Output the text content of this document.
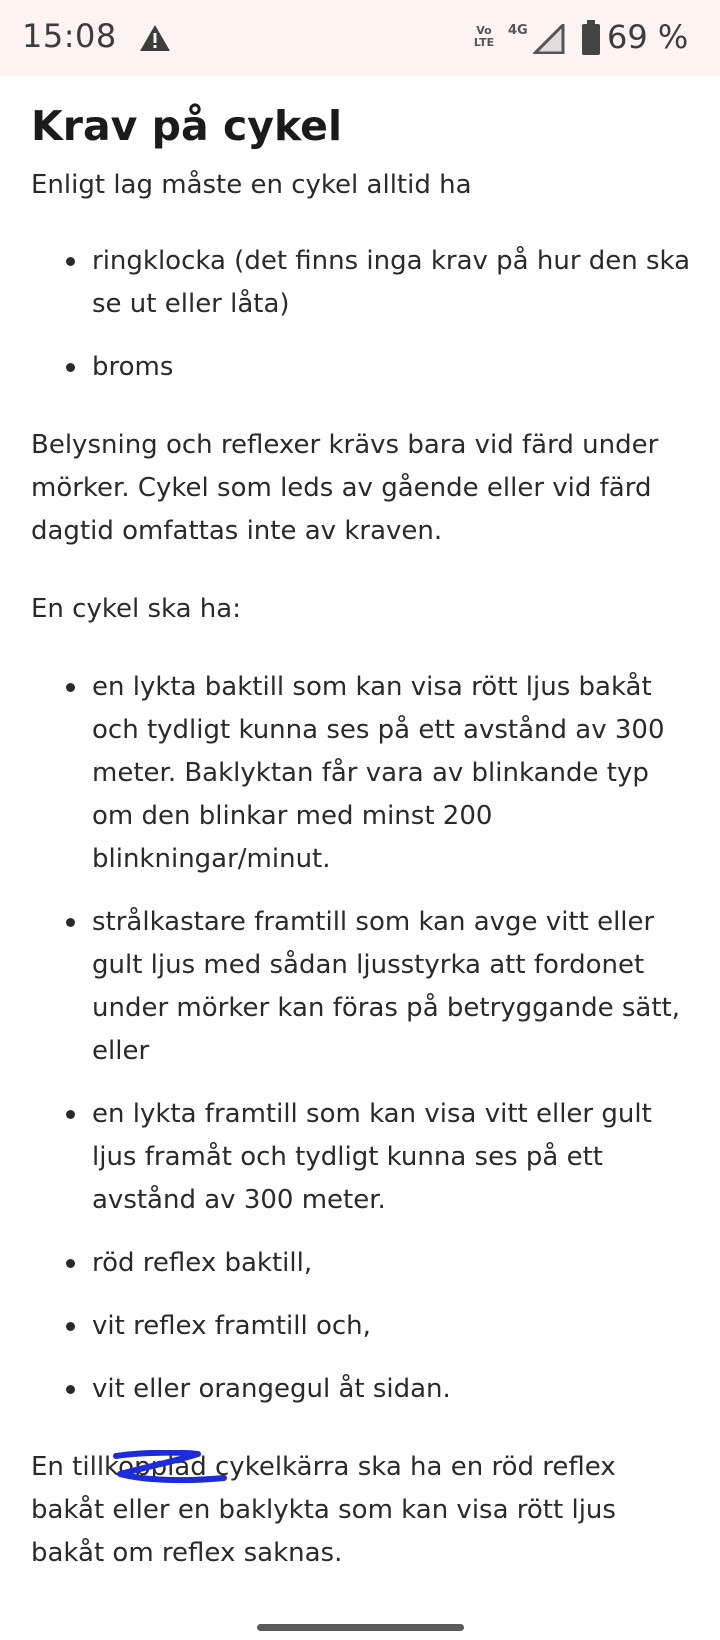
15:08	Vo LTE
4G 69 %
Krav på cykel

Enligt lag måste en cykel alltid ha

ringklocka (det finns inga krav på hur den ska se ut eller låta)
broms

Belysning och reflexer krävs bara vid färd under mörker. Cykel som leds av gående eller vid färd dagtid omfattas inte av kraven.

En cykel ska ha:

en lykta baktill som kan visa rött ljus bakåt och tydligt kunna ses på ett avstånd av 300 meter. Baklyktan får vara av blinkande typ om den blinkar med minst 200 blinkningar/minut.
strålkastare framtill som kan avge vitt eller gult ljus med sådan ljusstyrka att fordonet under mörker kan föras på betryggande sätt, eller
en lykta framtill som kan visa vitt eller gult ljus framåt och tydligt kunna ses på ett avstånd av 300 meter.
röd reflex baktill,
vit reflex framtill och,
vit eller orangegul åt sidan.

En tillkopplad cykelkärra ska ha en röd reflex bakåt eller en baklykta som kan visa rött ljus bakåt om reflex saknas.
